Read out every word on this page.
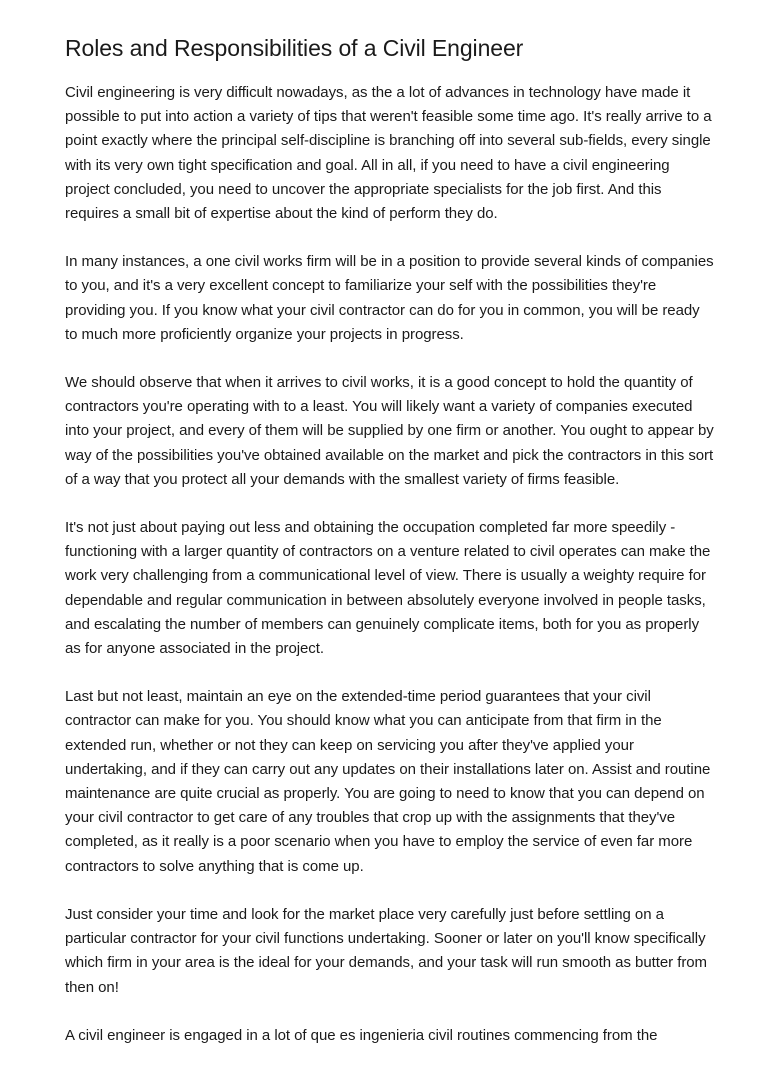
Roles and Responsibilities of a Civil Engineer

Civil engineering is very difficult nowadays, as the a lot of advances in technology have made it possible to put into action a variety of tips that weren't feasible some time ago. It's really arrive to a point exactly where the principal self-discipline is branching off into several sub-fields, every single with its very own tight specification and goal. All in all, if you need to have a civil engineering project concluded, you need to uncover the appropriate specialists for the job first. And this requires a small bit of expertise about the kind of perform they do.

In many instances, a one civil works firm will be in a position to provide several kinds of companies to you, and it's a very excellent concept to familiarize your self with the possibilities they're providing you. If you know what your civil contractor can do for you in common, you will be ready to much more proficiently organize your projects in progress.

We should observe that when it arrives to civil works, it is a good concept to hold the quantity of contractors you're operating with to a least. You will likely want a variety of companies executed into your project, and every of them will be supplied by one firm or another. You ought to appear by way of the possibilities you've obtained available on the market and pick the contractors in this sort of a way that you protect all your demands with the smallest variety of firms feasible.

It's not just about paying out less and obtaining the occupation completed far more speedily - functioning with a larger quantity of contractors on a venture related to civil operates can make the work very challenging from a communicational level of view. There is usually a weighty require for dependable and regular communication in between absolutely everyone involved in people tasks, and escalating the number of members can genuinely complicate items, both for you as properly as for anyone associated in the project.

Last but not least, maintain an eye on the extended-time period guarantees that your civil contractor can make for you. You should know what you can anticipate from that firm in the extended run, whether or not they can keep on servicing you after they've applied your undertaking, and if they can carry out any updates on their installations later on. Assist and routine maintenance are quite crucial as properly. You are going to need to know that you can depend on your civil contractor to get care of any troubles that crop up with the assignments that they've completed, as it really is a poor scenario when you have to employ the service of even far more contractors to solve anything that is come up.

Just consider your time and look for the market place very carefully just before settling on a particular contractor for your civil functions undertaking. Sooner or later on you'll know specifically which firm in your area is the ideal for your demands, and your task will run smooth as butter from then on!

A civil engineer is engaged in a lot of que es ingenieria civil routines commencing from the
